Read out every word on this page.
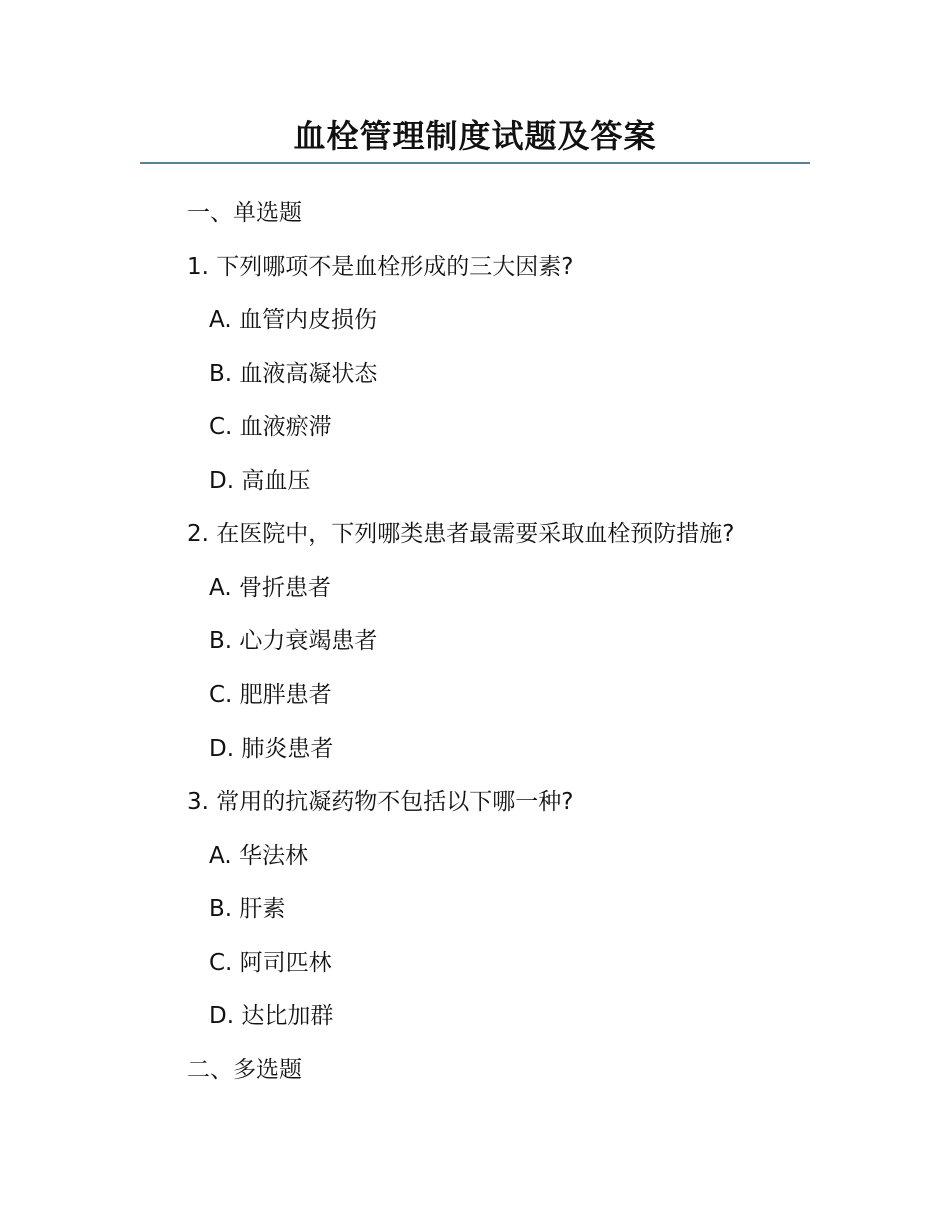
血栓管理制度试题及答案
一、单选题
1. 下列哪项不是血栓形成的三大因素?
A. 血管内皮损伤
B. 血液高凝状态
C. 血液瘀滞
D. 高血压
2. 在医院中，下列哪类患者最需要采取血栓预防措施?
A. 骨折患者
B. 心力衰竭患者
C. 肥胖患者
D. 肺炎患者
3. 常用的抗凝药物不包括以下哪一种?
A. 华法林
B. 肝素
C. 阿司匹林
D. 达比加群
二、多选题
